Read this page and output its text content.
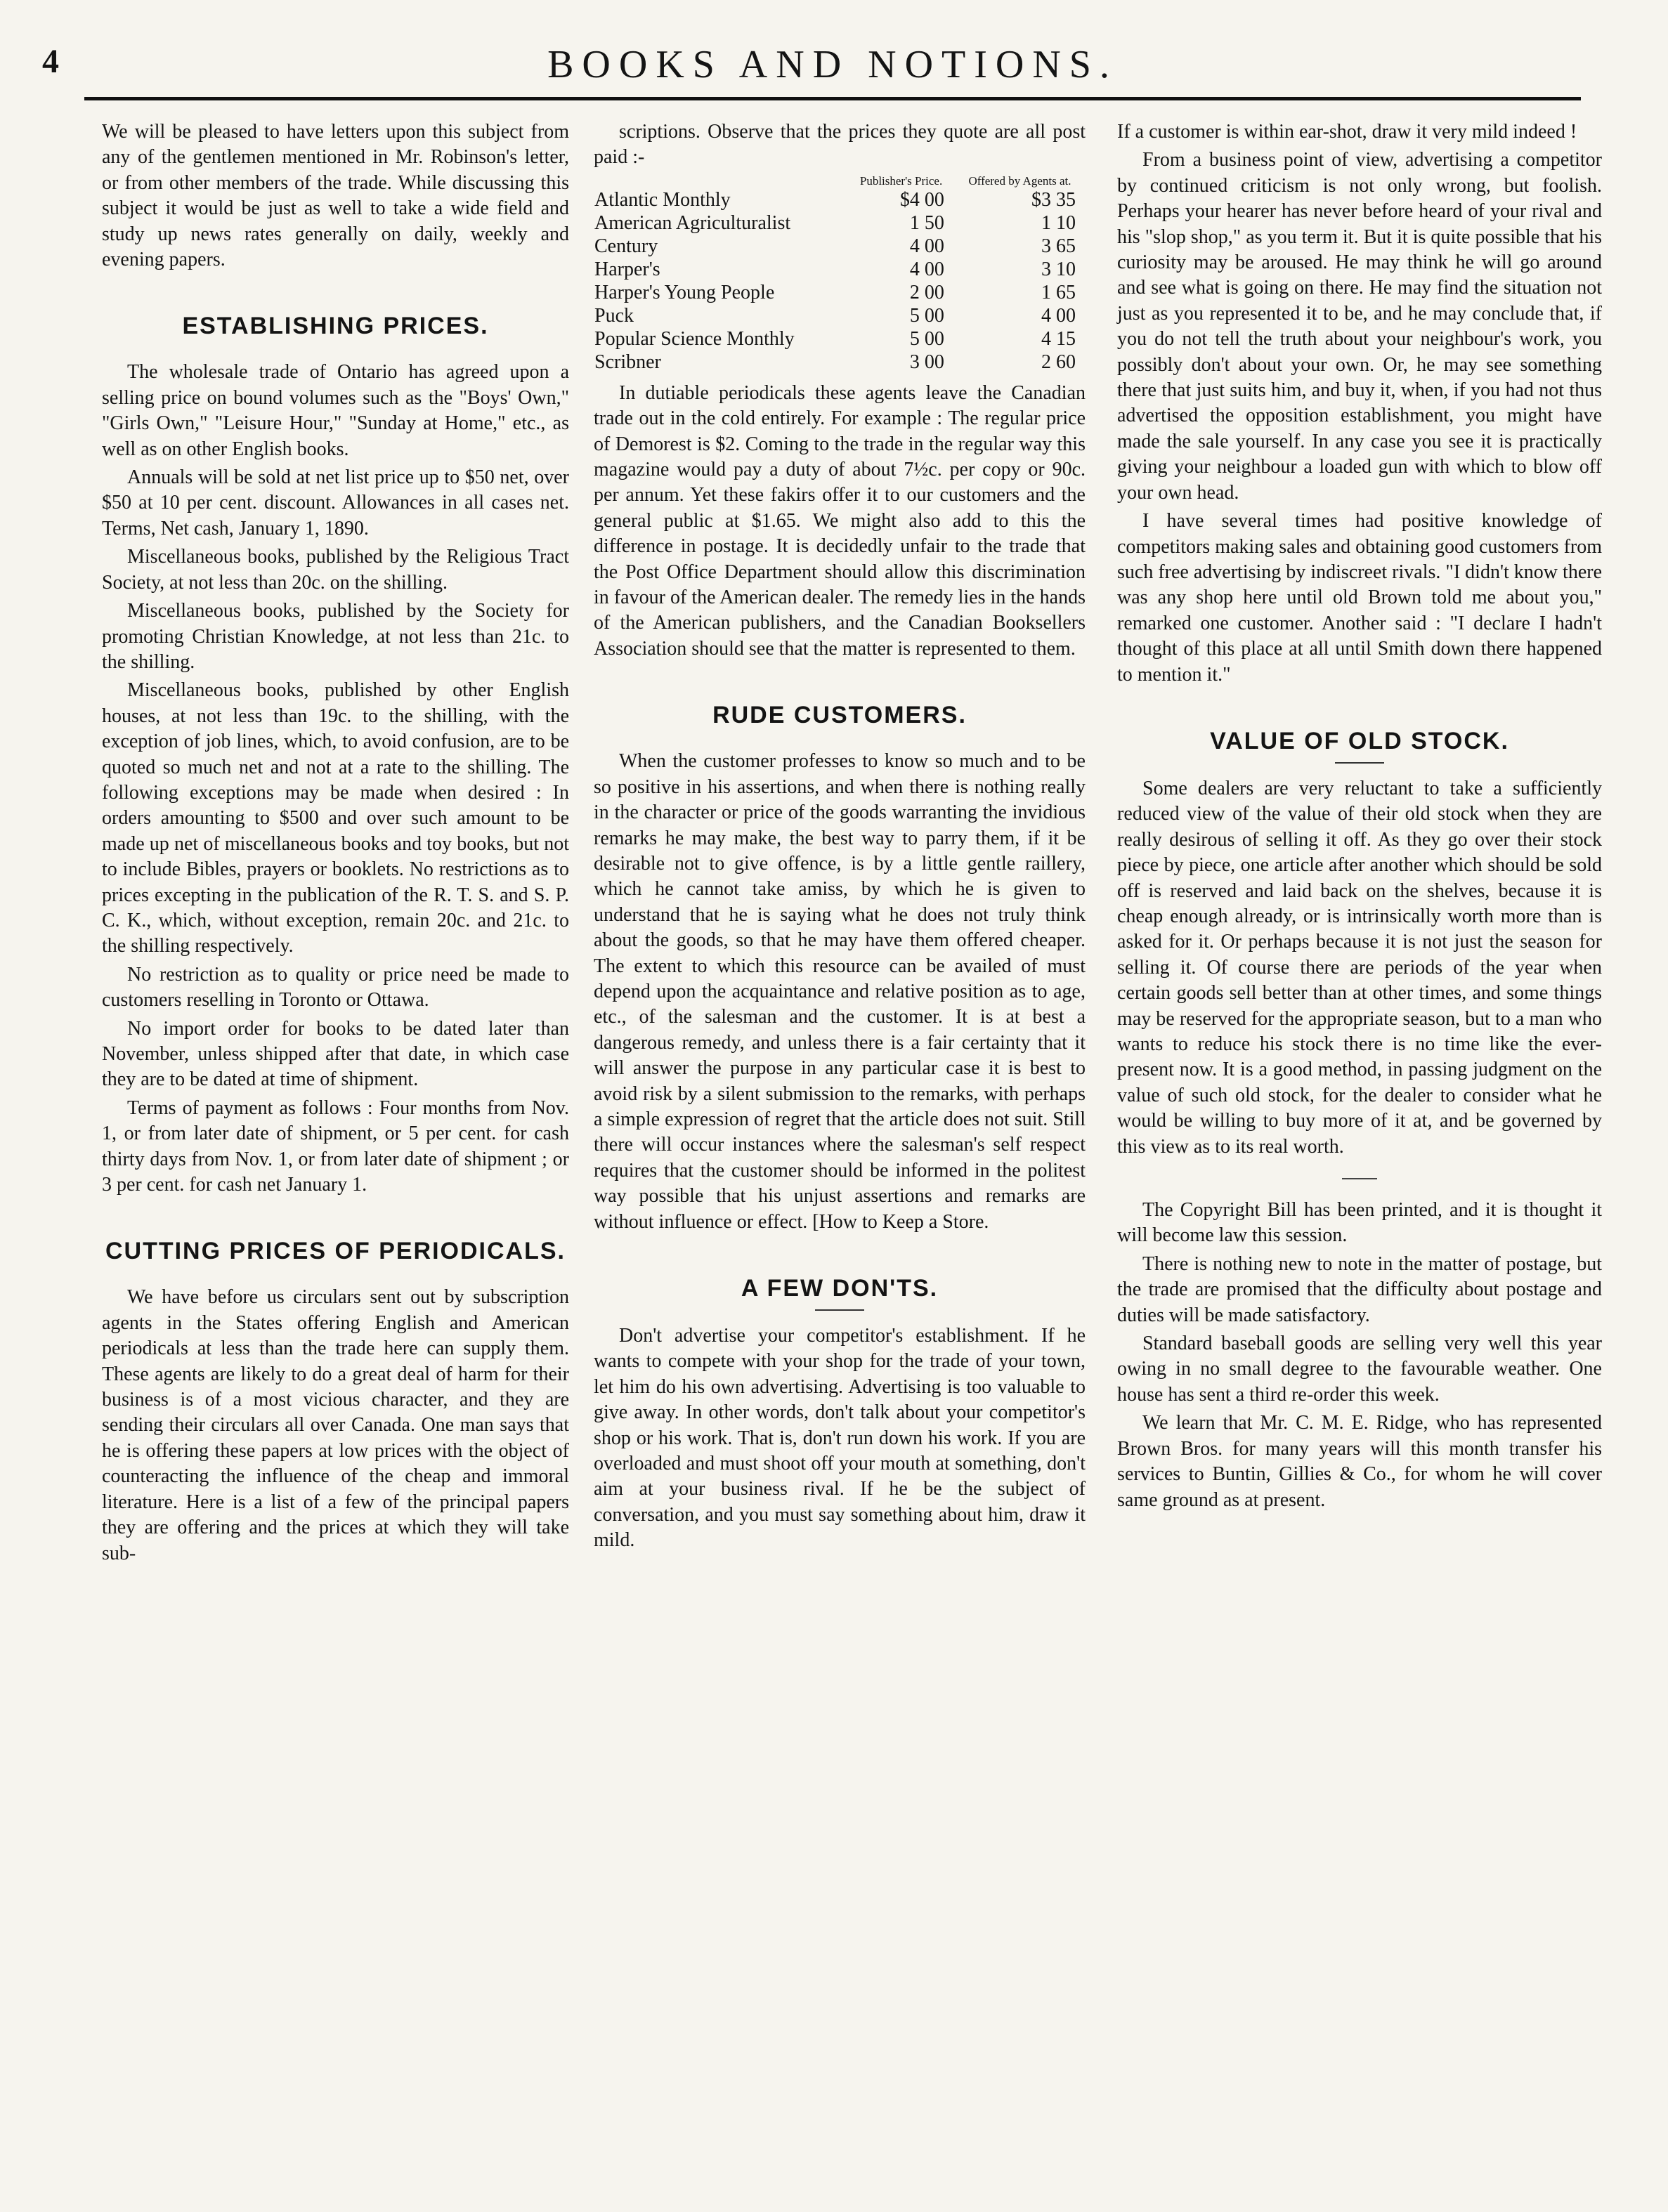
4	BOOKS AND NOTIONS.

We will be pleased to have letters upon this subject from any of the gentlemen mentioned in Mr. Robinson's letter, or from other members of the trade. While discussing this subject it would be just as well to take a wide field and study up news rates generally on daily, weekly and evening papers.

ESTABLISHING PRICES.

The wholesale trade of Ontario has agreed upon a selling price on bound volumes such as the "Boys' Own," "Girls Own," "Leisure Hour," "Sunday at Home," etc., as well as on other English books.

Annuals will be sold at net list price up to $50 net, over $50 at 10 per cent. discount. Allowances in all cases net. Terms, Net cash, January 1, 1890.

Miscellaneous books, published by the Religious Tract Society, at not less than 20c. on the shilling.

Miscellaneous books, published by the Society for promoting Christian Knowledge, at not less than 21c. to the shilling.

Miscellaneous books, published by other English houses, at not less than 19c. to the shilling, with the exception of job lines, which, to avoid confusion, are to be quoted so much net and not at a rate to the shilling. The following exceptions may be made when desired : In orders amounting to $500 and over such amount to be made up net of miscellaneous books and toy books, but not to include Bibles, prayers or booklets. No restrictions as to prices excepting in the publication of the R. T. S. and S. P. C. K., which, without exception, remain 20c. and 21c. to the shilling respectively.

No restriction as to quality or price need be made to customers reselling in Toronto or Ottawa.

No import order for books to be dated later than November, unless shipped after that date, in which case they are to be dated at time of shipment.

Terms of payment as follows : Four months from Nov. 1, or from later date of shipment, or 5 per cent. for cash thirty days from Nov. 1, or from later date of shipment ; or 3 per cent. for cash net January 1.

CUTTING PRICES OF PERIODICALS.

We have before us circulars sent out by subscription agents in the States offering English and American periodicals at less than the trade here can supply them. These agents are likely to do a great deal of harm for their business is of a most vicious character, and they are sending their circulars all over Canada. One man says that he is offering these papers at low prices with the object of counteracting the influence of the cheap and immoral literature. Here is a list of a few of the principal papers they are offering and the prices at which they will take sub-

scriptions. Observe that the prices they quote are all post paid :-

	Publisher's Price.	Offered by Agents at.
Atlantic Monthly	$4 00	$3 35
American Agriculturalist	1 50	1 10
Century	4 00	3 65
Harper's	4 00	3 10
Harper's Young People	2 00	1 65
Puck	5 00	4 00
Popular Science Monthly	5 00	4 15
Scribner	3 00	2 60

In dutiable periodicals these agents leave the Canadian trade out in the cold entirely. For example : The regular price of Demorest is $2. Coming to the trade in the regular way this magazine would pay a duty of about 7½c. per copy or 90c. per annum. Yet these fakirs offer it to our customers and the general public at $1.65. We might also add to this the difference in postage. It is decidedly unfair to the trade that the Post Office Department should allow this discrimination in favour of the American dealer. The remedy lies in the hands of the American publishers, and the Canadian Booksellers Association should see that the matter is represented to them.

RUDE CUSTOMERS.

When the customer professes to know so much and to be so positive in his assertions, and when there is nothing really in the character or price of the goods warranting the invidious remarks he may make, the best way to parry them, if it be desirable not to give offence, is by a little gentle raillery, which he cannot take amiss, by which he is given to understand that he is saying what he does not truly think about the goods, so that he may have them offered cheaper. The extent to which this resource can be availed of must depend upon the acquaintance and relative position as to age, etc., of the salesman and the customer. It is at best a dangerous remedy, and unless there is a fair certainty that it will answer the purpose in any particular case it is best to avoid risk by a silent submission to the remarks, with perhaps a simple expression of regret that the article does not suit. Still there will occur instances where the salesman's self respect requires that the customer should be informed in the politest way possible that his unjust assertions and remarks are without influence or effect. [How to Keep a Store.

A FEW DON'TS.

Don't advertise your competitor's establishment. If he wants to compete with your shop for the trade of your town, let him do his own advertising. Advertising is too valuable to give away. In other words, don't talk about your competitor's shop or his work. That is, don't run down his work. If you are overloaded and must shoot off your mouth at something, don't aim at your business rival. If he be the subject of conversation, and you must say something about him, draw it mild.

If a customer is within ear-shot, draw it very mild indeed !

From a business point of view, advertising a competitor by continued criticism is not only wrong, but foolish. Perhaps your hearer has never before heard of your rival and his "slop shop," as you term it. But it is quite possible that his curiosity may be aroused. He may think he will go around and see what is going on there. He may find the situation not just as you represented it to be, and he may conclude that, if you do not tell the truth about your neighbour's work, you possibly don't about your own. Or, he may see something there that just suits him, and buy it, when, if you had not thus advertised the opposition establishment, you might have made the sale yourself. In any case you see it is practically giving your neighbour a loaded gun with which to blow off your own head.

I have several times had positive knowledge of competitors making sales and obtaining good customers from such free advertising by indiscreet rivals. "I didn't know there was any shop here until old Brown told me about you," remarked one customer. Another said : "I declare I hadn't thought of this place at all until Smith down there happened to mention it."

VALUE OF OLD STOCK.

Some dealers are very reluctant to take a sufficiently reduced view of the value of their old stock when they are really desirous of selling it off. As they go over their stock piece by piece, one article after another which should be sold off is reserved and laid back on the shelves, because it is cheap enough already, or is intrinsically worth more than is asked for it. Or perhaps because it is not just the season for selling it. Of course there are periods of the year when certain goods sell better than at other times, and some things may be reserved for the appropriate season, but to a man who wants to reduce his stock there is no time like the ever-present now. It is a good method, in passing judgment on the value of such old stock, for the dealer to consider what he would be willing to buy more of it at, and be governed by this view as to its real worth.

The Copyright Bill has been printed, and it is thought it will become law this session.

There is nothing new to note in the matter of postage, but the trade are promised that the difficulty about postage and duties will be made satisfactory.

Standard baseball goods are selling very well this year owing in no small degree to the favourable weather. One house has sent a third re-order this week.

We learn that Mr. C. M. E. Ridge, who has represented Brown Bros. for many years will this month transfer his services to Buntin, Gillies & Co., for whom he will cover same ground as at present.
